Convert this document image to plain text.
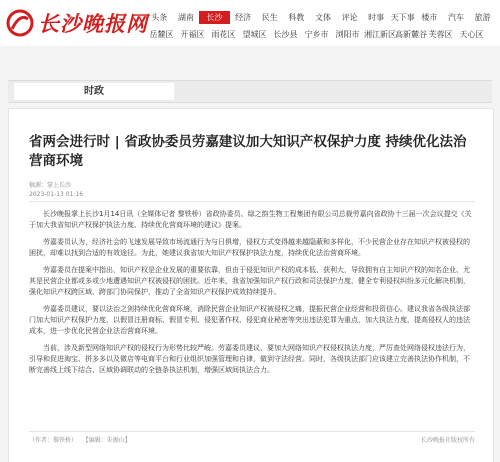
长沙晚报网 头条	湖南	长沙	经济	民生	科教	文体	评论	时事 天下事 楼市	汽车	旅游
岳麓区 开福区 雨花区 望城区 长沙县 宁乡市 浏阳市 湘江新区 高新麓谷 芙蓉区 天心区
时政
省两会进行时 | 省政协委员劳嘉建议加大知识产权保护力度 持续优化法治营商环境
稿源：掌上长沙
2023-01-13 01:16

长沙晚报掌上长沙1月14日讯（全媒体记者 黎铁桥）省政协委员、绿之韵生物工程集团有限公司总裁劳嘉向省政协十三届一次会议提交《关于加大我省知识产权保护执法力度、持续优化营商环境的建议》提案。

劳嘉委员认为，经济社会的飞速发展导致市场流通行为与日俱增，侵权方式变得越来越隐蔽和多样化，不少民营企业存在知识产权被侵权的困扰，却难以找到合适的有效途径。为此，她建议我省加大知识产权保护执法力度，持续优化法治营商环境。

劳嘉委员在提案中指出，知识产权是企业发展的重要依靠，但由于侵犯知识产权的成本低、获利大，导致拥有自主知识产权的知名企业、尤其是民营企业都或多或少地遭遇知识产权被侵权的困扰。近年来，我省加强知识产权行政和司法保护力度，健全专利侵权纠纷多元化解决机制，强化知识产权跨区域、跨部门协同保护，推动了全省知识产权保护成效持续提升。

劳嘉委员建议，要以法治之剑持续优化营商环境，消除民营企业知识产权被侵权之痛，提振民营企业经营和投资信心。建议我省各级执法部门加大知识产权保护力度，以假冒注册商标、假冒专利、侵犯著作权、侵犯商业秘密等突出违法犯罪为重点，加大执法力度，提高侵权人的违法成本，进一步优化民营企业法治营商环境。

当前，涉及新型网络知识产权的侵权行为形势比较严峻。劳嘉委员建议，要加大网络知识产权侵权执法力度，严厉查处网络侵权违法行为，引导和促进淘宝、拼多多以及微店等电商平台和行业组织加强管理和自律，做到守法经营。同时，各级执法部门应该建立完善执法协作机制，不断完善线上线下结合、区域协调联动的全链条执法机制，增强区域间执法合力。

（作者：黎铁桥） 【编辑：朱振山】	长沙晚报社版权所有
